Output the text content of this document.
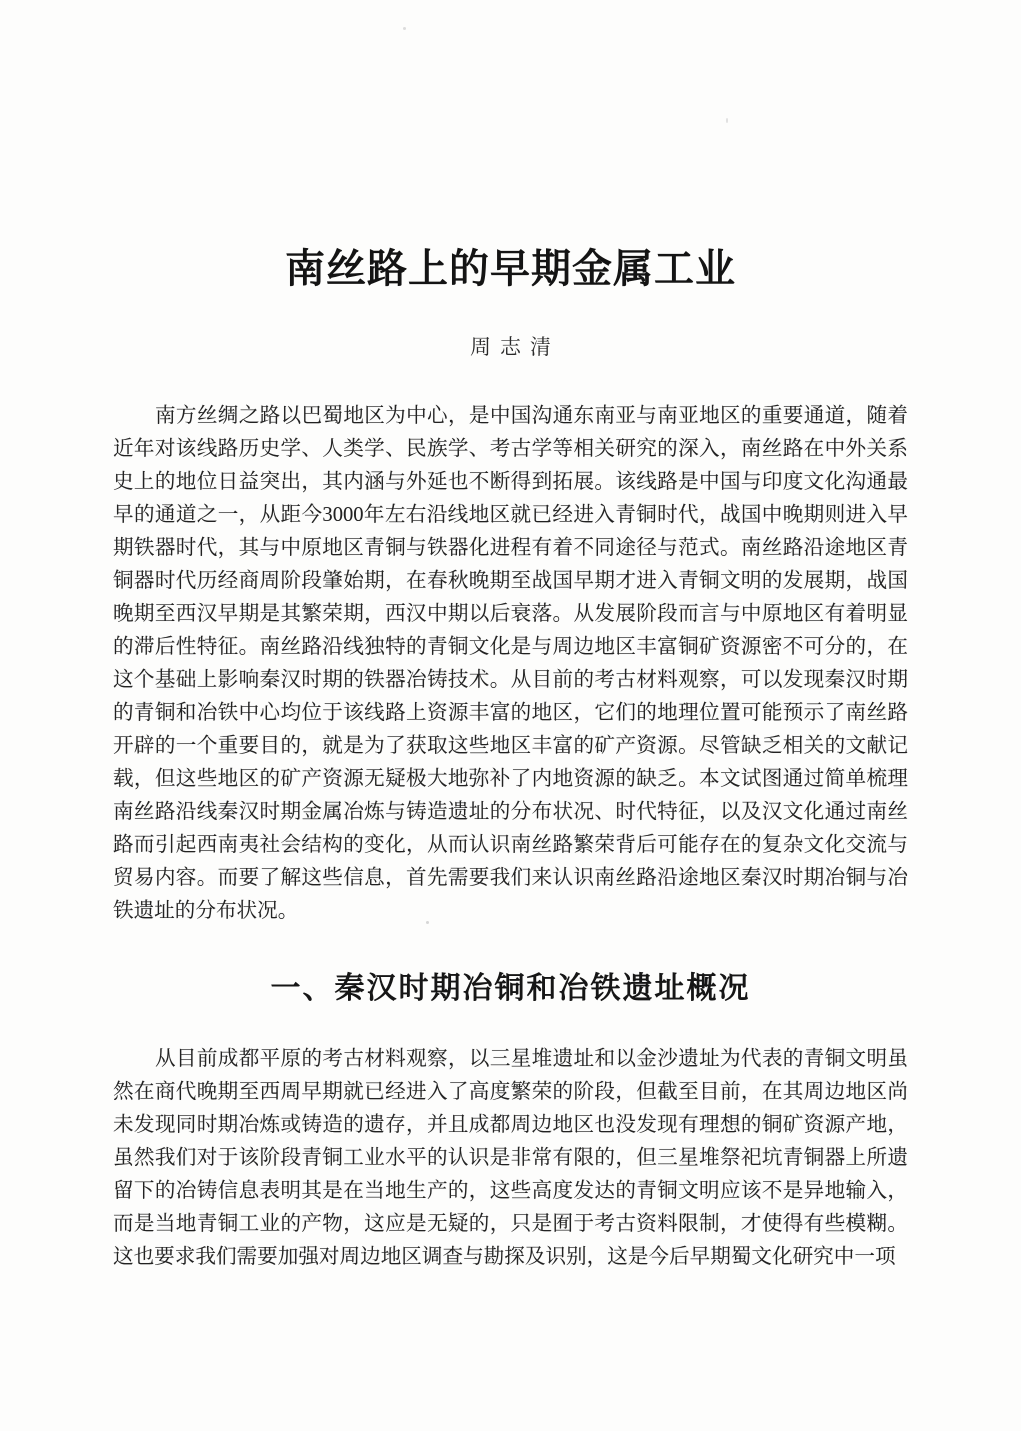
南丝路上的早期金属工业
周志清
南方丝绸之路以巴蜀地区为中心，是中国沟通东南亚与南亚地区的重要通道，随着
近年对该线路历史学、人类学、民族学、考古学等相关研究的深入，南丝路在中外关系
史上的地位日益突出，其内涵与外延也不断得到拓展。该线路是中国与印度文化沟通最
早的通道之一，从距今3000年左右沿线地区就已经进入青铜时代，战国中晚期则进入早
期铁器时代，其与中原地区青铜与铁器化进程有着不同途径与范式。南丝路沿途地区青
铜器时代历经商周阶段肇始期，在春秋晚期至战国早期才进入青铜文明的发展期，战国
晚期至西汉早期是其繁荣期，西汉中期以后衰落。从发展阶段而言与中原地区有着明显
的滞后性特征。南丝路沿线独特的青铜文化是与周边地区丰富铜矿资源密不可分的，在
这个基础上影响秦汉时期的铁器冶铸技术。从目前的考古材料观察，可以发现秦汉时期
的青铜和冶铁中心均位于该线路上资源丰富的地区，它们的地理位置可能预示了南丝路
开辟的一个重要目的，就是为了获取这些地区丰富的矿产资源。尽管缺乏相关的文献记
载，但这些地区的矿产资源无疑极大地弥补了内地资源的缺乏。本文试图通过简单梳理
南丝路沿线秦汉时期金属冶炼与铸造遗址的分布状况、时代特征，以及汉文化通过南丝
路而引起西南夷社会结构的变化，从而认识南丝路繁荣背后可能存在的复杂文化交流与
贸易内容。而要了解这些信息，首先需要我们来认识南丝路沿途地区秦汉时期冶铜与冶
铁遗址的分布状况。
一、秦汉时期冶铜和冶铁遗址概况
从目前成都平原的考古材料观察，以三星堆遗址和以金沙遗址为代表的青铜文明虽
然在商代晚期至西周早期就已经进入了高度繁荣的阶段，但截至目前，在其周边地区尚
未发现同时期冶炼或铸造的遗存，并且成都周边地区也没发现有理想的铜矿资源产地，
虽然我们对于该阶段青铜工业水平的认识是非常有限的，但三星堆祭祀坑青铜器上所遗
留下的冶铸信息表明其是在当地生产的，这些高度发达的青铜文明应该不是异地输入，
而是当地青铜工业的产物，这应是无疑的，只是囿于考古资料限制，才使得有些模糊。
这也要求我们需要加强对周边地区调查与勘探及识别，这是今后早期蜀文化研究中一项
